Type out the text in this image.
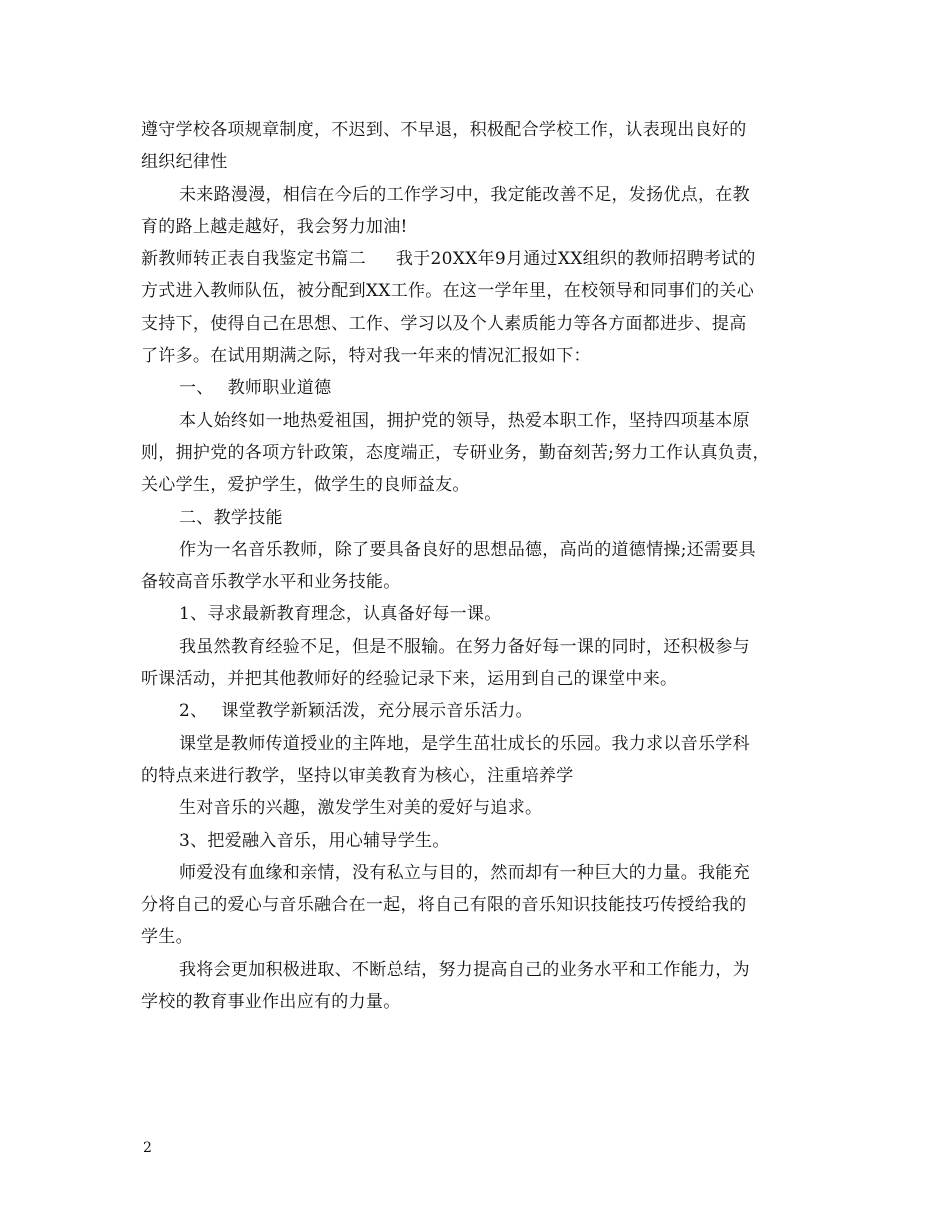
遵守学校各项规章制度，不迟到、不早退，积极配合学校工作，认表现出良好的
组织纪律性
未来路漫漫，相信在今后的工作学习中，我定能改善不足，发扬优点，在教
育的路上越走越好，我会努力加油!
新教师转正表自我鉴定书篇二 我于20XX年9月通过XX组织的教师招聘考试的
方式进入教师队伍，被分配到XX工作。在这一学年里，在校领导和同事们的关心
支持下，使得自己在思想、工作、学习以及个人素质能力等各方面都进步、提高
了许多。在试用期满之际，特对我一年来的情况汇报如下：
一、 教师职业道德
本人始终如一地热爱祖国，拥护党的领导，热爱本职工作，坚持四项基本原
则，拥护党的各项方针政策，态度端正，专研业务，勤奋刻苦;努力工作认真负责，
关心学生，爱护学生，做学生的良师益友。
二、教学技能
作为一名音乐教师，除了要具备良好的思想品德，高尚的道德情操;还需要具
备较高音乐教学水平和业务技能。
1、寻求最新教育理念，认真备好每一课。
我虽然教育经验不足，但是不服输。在努力备好每一课的同时，还积极参与
听课活动，并把其他教师好的经验记录下来，运用到自己的课堂中来。
2、 课堂教学新颖活泼，充分展示音乐活力。
课堂是教师传道授业的主阵地，是学生茁壮成长的乐园。我力求以音乐学科
的特点来进行教学，坚持以审美教育为核心，注重培养学
生对音乐的兴趣，激发学生对美的爱好与追求。
3、把爱融入音乐，用心辅导学生。
师爱没有血缘和亲情，没有私立与目的，然而却有一种巨大的力量。我能充
分将自己的爱心与音乐融合在一起，将自己有限的音乐知识技能技巧传授给我的
学生。
我将会更加积极进取、不断总结，努力提高自己的业务水平和工作能力，为
学校的教育事业作出应有的力量。
2
